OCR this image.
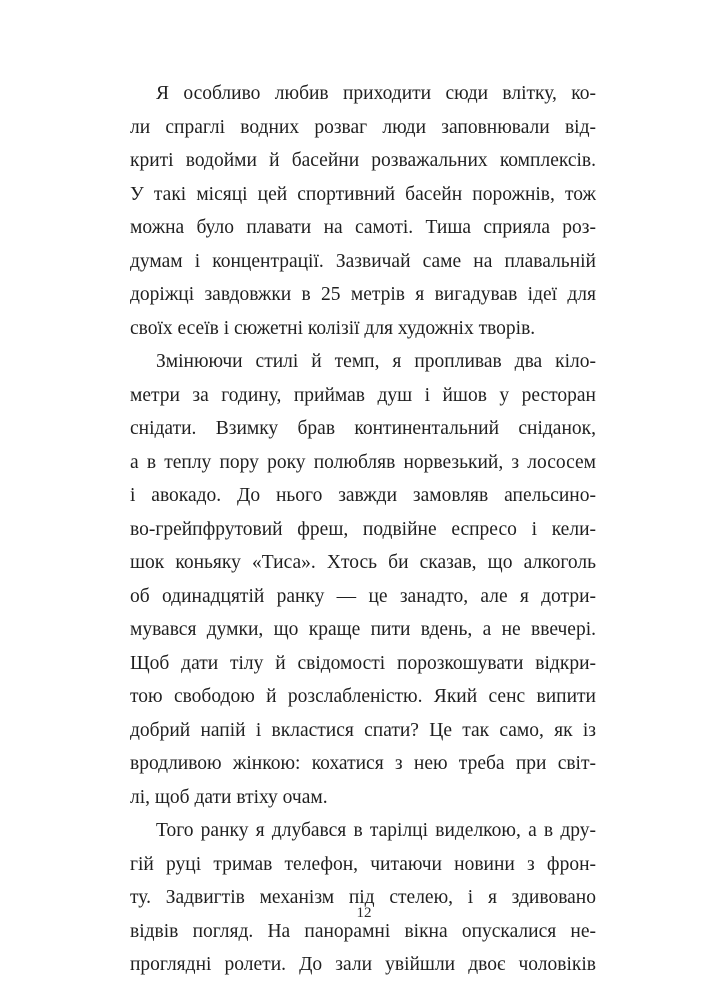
Я особливо любив приходити сюди влітку, ко-
ли спраглі водних розваг люди заповнювали від-
криті водойми й басейни розважальних комплексів.
У такі місяці цей спортивний басейн порожнів, тож
можна було плавати на самоті. Тиша сприяла роз-
думам і концентрації. Зазвичай саме на плавальній
доріжці завдовжки в 25 метрів я вигадував ідеї для
своїх есеїв і сюжетні колізії для художніх творів.
Змінюючи стилі й темп, я пропливав два кіло-
метри за годину, приймав душ і йшов у ресторан
снідати. Взимку брав континентальний сніданок,
а в теплу пору року полюбляв норвезький, з лососем
і авокадо. До нього завжди замовляв апельсино-
во-грейпфрутовий фреш, подвійне еспресо і кели-
шок коньяку «Тиса». Хтось би сказав, що алкоголь
об одинадцятій ранку — це занадто, але я дотри-
мувався думки, що краще пити вдень, а не ввечері.
Щоб дати тілу й свідомості порозкошувати відкри-
тою свободою й розслабленістю. Який сенс випити
добрий напій і вкластися спати? Це так само, як із
вродливою жінкою: кохатися з нею треба при світ-
лі, щоб дати втіху очам.
Того ранку я длубався в тарілці виделкою, а в дру-
гій руці тримав телефон, читаючи новини з фрон-
ту. Задвигтів механізм під стелею, і я здивовано
відвів погляд. На панорамні вікна опускалися не-
проглядні ролети. До зали увійшли двоє чоловіків
12
